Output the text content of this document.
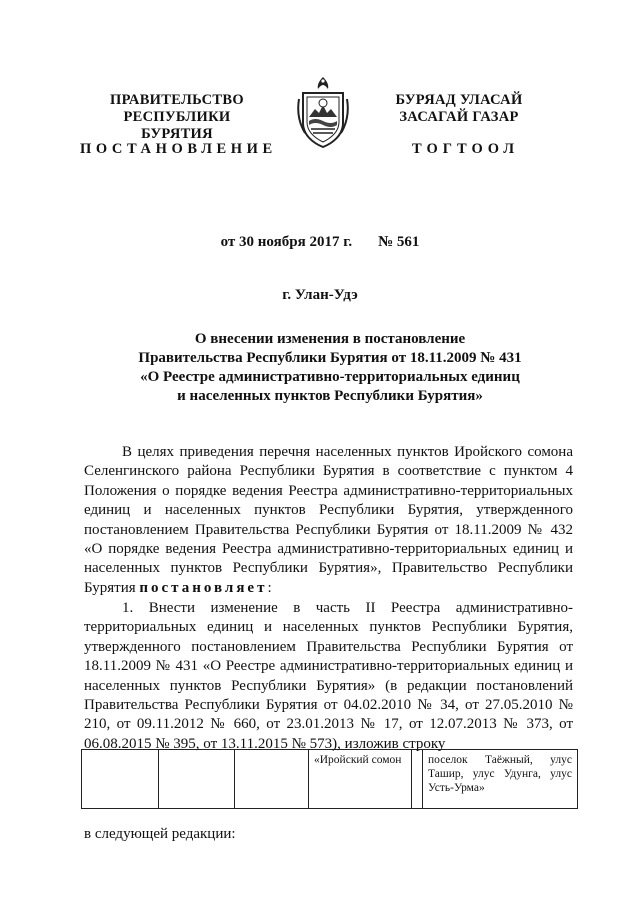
ПРАВИТЕЛЬСТВО
РЕСПУБЛИКИ БУРЯТИЯ
БУРЯАД УЛАСАЙ
ЗАСАГАЙ ГАЗАР
ПОСТАНОВЛЕНИЕ	ТОГТООЛ
от 30 ноября 2017 г. № 561
г. Улан-Удэ
О внесении изменения в постановление
Правительства Республики Бурятия от 18.11.2009 № 431
«О Реестре административно-территориальных единиц
и населенных пунктов Республики Бурятия»

В целях приведения перечня населенных пунктов Иройского сомона Селенгинского района Республики Бурятия в соответствие с пунктом 4 Положения о порядке ведения Реестра административно-территориальных единиц и населенных пунктов Республики Бурятия, утвержденного постановлением Правительства Республики Бурятия от 18.11.2009 № 432 «О порядке ведения Реестра административно-территориальных единиц и населенных пунктов Республики Бурятия», Правительство Республики Бурятия постановляет:

1. Внести изменение в часть II Реестра административно-территориальных единиц и населенных пунктов Республики Бурятия, утвержденного постановлением Правительства Республики Бурятия от 18.11.2009 № 431 «О Реестре административно-территориальных единиц и населенных пунктов Республики Бурятия» (в редакции постановлений Правительства Республики Бурятия от 04.02.2010 № 34, от 27.05.2010 № 210, от 09.11.2012 № 660, от 23.01.2013 № 17, от 12.07.2013 № 373, от 06.08.2015 № 395, от 13.11.2015 № 573), изложив строку

			«Иройский сомон		поселок Таёжный, улус Ташир, улус Удунга, улус Усть-Урма»
в следующей редакции:
